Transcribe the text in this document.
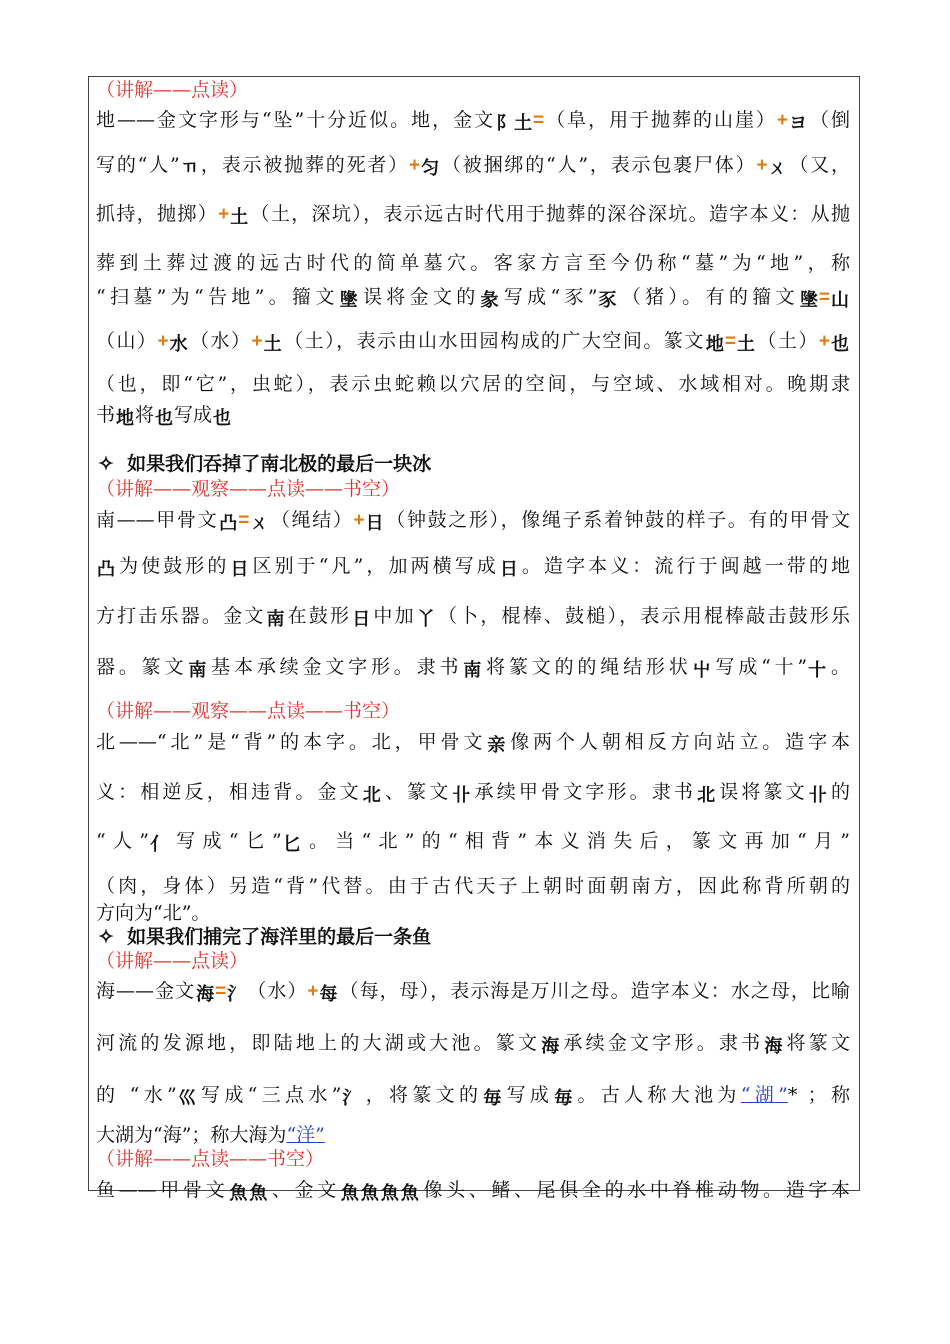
（讲解——点读）
地——金文字形与“坠”十分近似。地，金文阝土=（阜，用于抛葬的山崖）+ヨ（倒
写的“人”ㄲ，表示被抛葬的死者）+匀（被捆绑的“人”，表示包裹尸体）+ㄨ（又，
抓持，抛掷）+土（土，深坑），表示远古时代用于抛葬的深谷深坑。造字本义：从抛
葬到土葬过渡的远古时代的简单墓穴。客家方言至今仍称“墓”为“地”，称
“扫墓”为“告地”。籀文墬误将金文的彖写成“豕”豕（猪）。有的籀文墬=山
（山）+水（水）+土（土），表示由山水田园构成的广大空间。篆文地=土（土）+也
（也，即“它”，虫蛇），表示虫蛇赖以穴居的空间，与空域、水域相对。晚期隶
书地将也写成也
✧ 如果我们吞掉了南北极的最后一块冰
（讲解——观察——点读——书空）
南——甲骨文凸=ㄨ（绳结）+日（钟鼓之形），像绳子系着钟鼓的样子。有的甲骨文
凸为使鼓形的日区别于“凡”，加两横写成日。造字本义：流行于闽越一带的地
方打击乐器。金文南在鼓形日中加丫（卜，棍棒、鼓槌），表示用棍棒敲击鼓形乐
器。篆文南基本承续金文字形。隶书南将篆文的的绳结形状屮写成“十”十。
（讲解——观察——点读——书空）
北——“北”是“背”的本字。北，甲骨文亲像两个人朝相反方向站立。造字本
义：相逆反，相违背。金文北、篆文卝承续甲骨文字形。隶书北误将篆文卝的
“人”亻写成“匕”匕。当“北”的“相背”本义消失后，篆文再加“月”
（肉，身体）另造“背”代替。由于古代天子上朝时面朝南方，因此称背所朝的
方向为“北”。
✧ 如果我们捕完了海洋里的最后一条鱼
（讲解——点读）
海——金文海=氵（水）+每（每，母），表示海是万川之母。造字本义：水之母，比喻
河流的发源地，即陆地上的大湖或大池。篆文海承续金文字形。隶书海将篆文
的 “水”巛写成“三点水”氵，将篆文的毎写成毎。古人称大池为“湖”* ；称
大湖为“海”；称大海为“洋”
（讲解——点读——书空）
鱼——甲骨文魚 魚、金文魚 魚 魚 魚像头、鳍、尾俱全的水中脊椎动物。造字本
